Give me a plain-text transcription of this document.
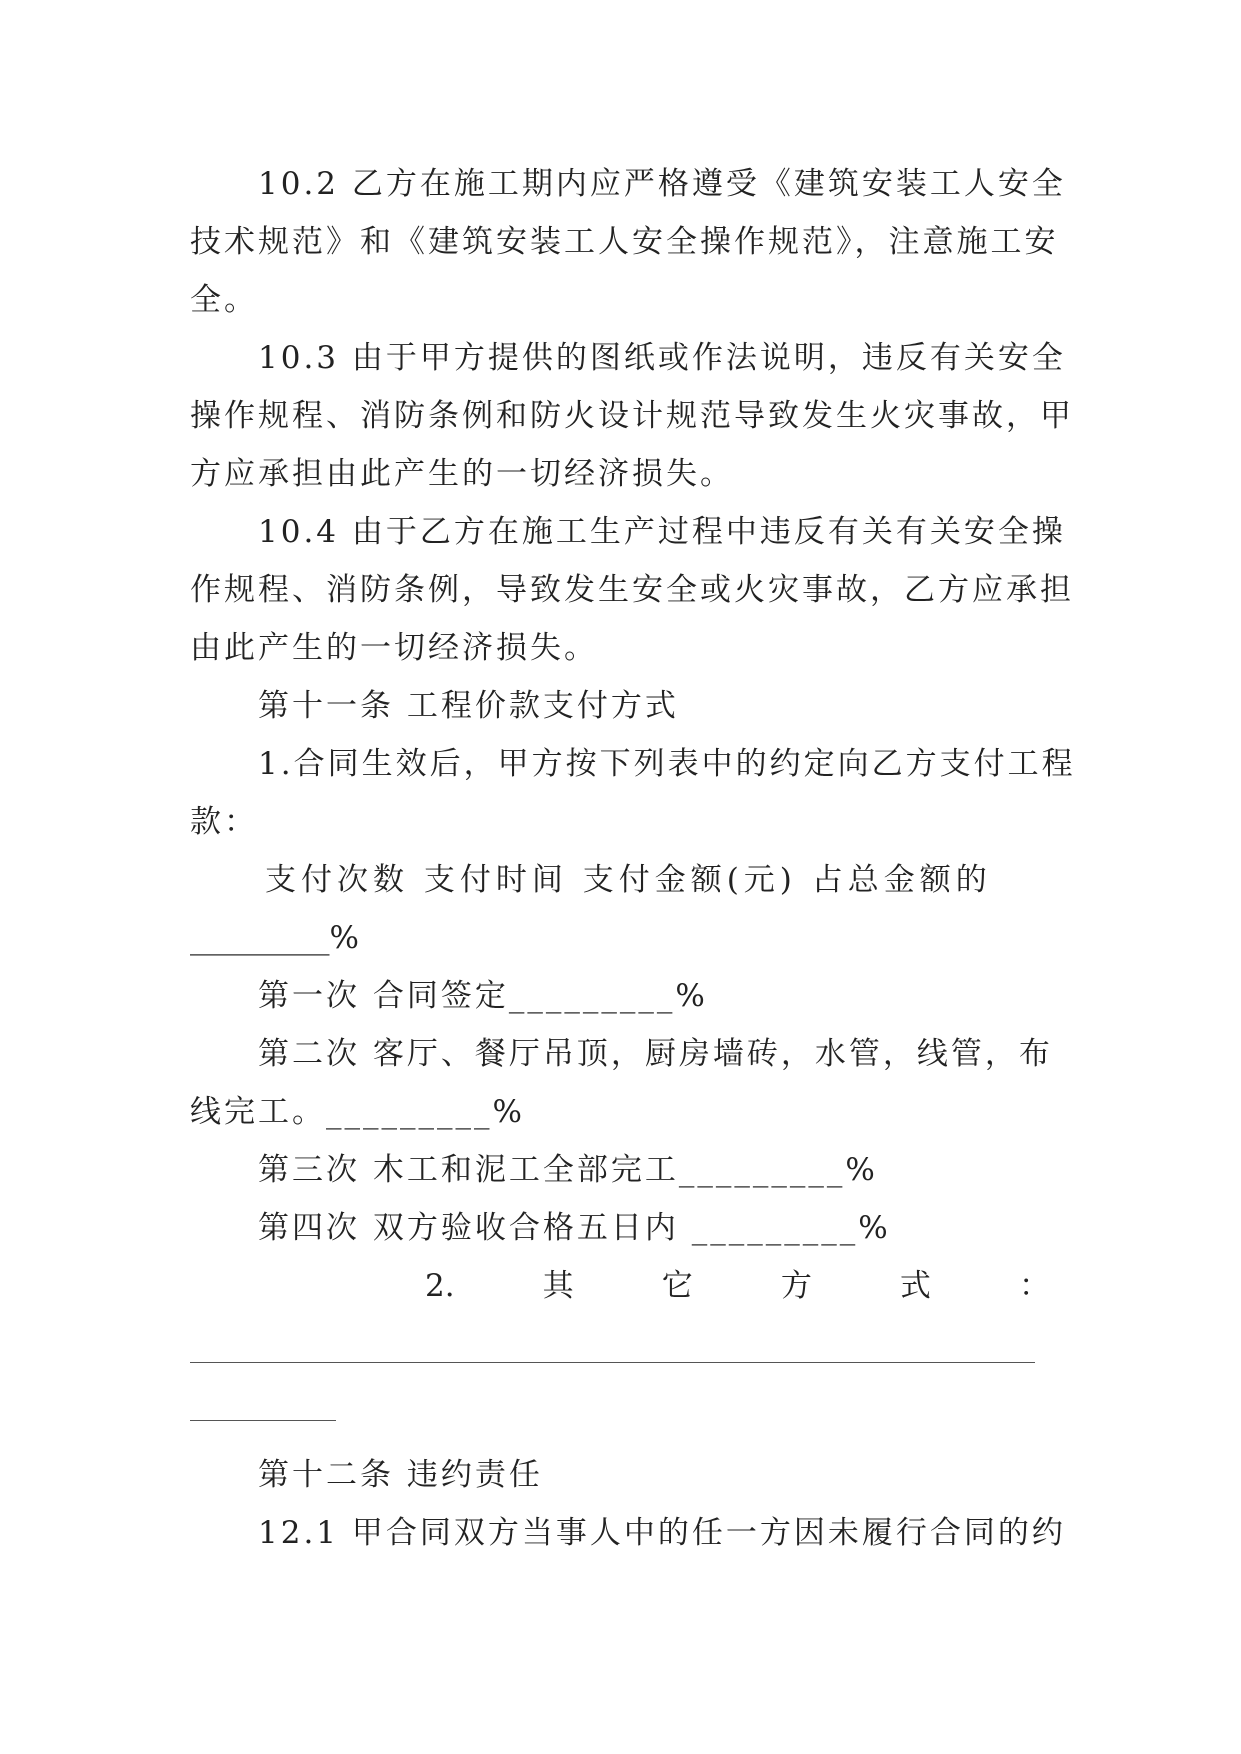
10.2 乙方在施工期内应严格遵受《建筑安装工人安全
技术规范》和《建筑安装工人安全操作规范》，注意施工安
全。
10.3 由于甲方提供的图纸或作法说明，违反有关安全
操作规程、消防条例和防火设计规范导致发生火灾事故，甲
方应承担由此产生的一切经济损失。
10.4 由于乙方在施工生产过程中违反有关有关安全操
作规程、消防条例，导致发生安全或火灾事故，乙方应承担
由此产生的一切经济损失。
第十一条 工程价款支付方式
1.合同生效后，甲方按下列表中的约定向乙方支付工程
款：
支付次数 支付时间 支付金额(元) 占总金额的
_________%
第一次 合同签定_________%
第二次 客厅、餐厅吊顶，厨房墙砖，水管，线管，布
线完工。_________%
第三次 木工和泥工全部完工_________%
第四次 双方验收合格五日内 _________%
2.	其	它	方	式	：
第十二条 违约责任
12.1 甲合同双方当事人中的任一方因未履行合同的约
